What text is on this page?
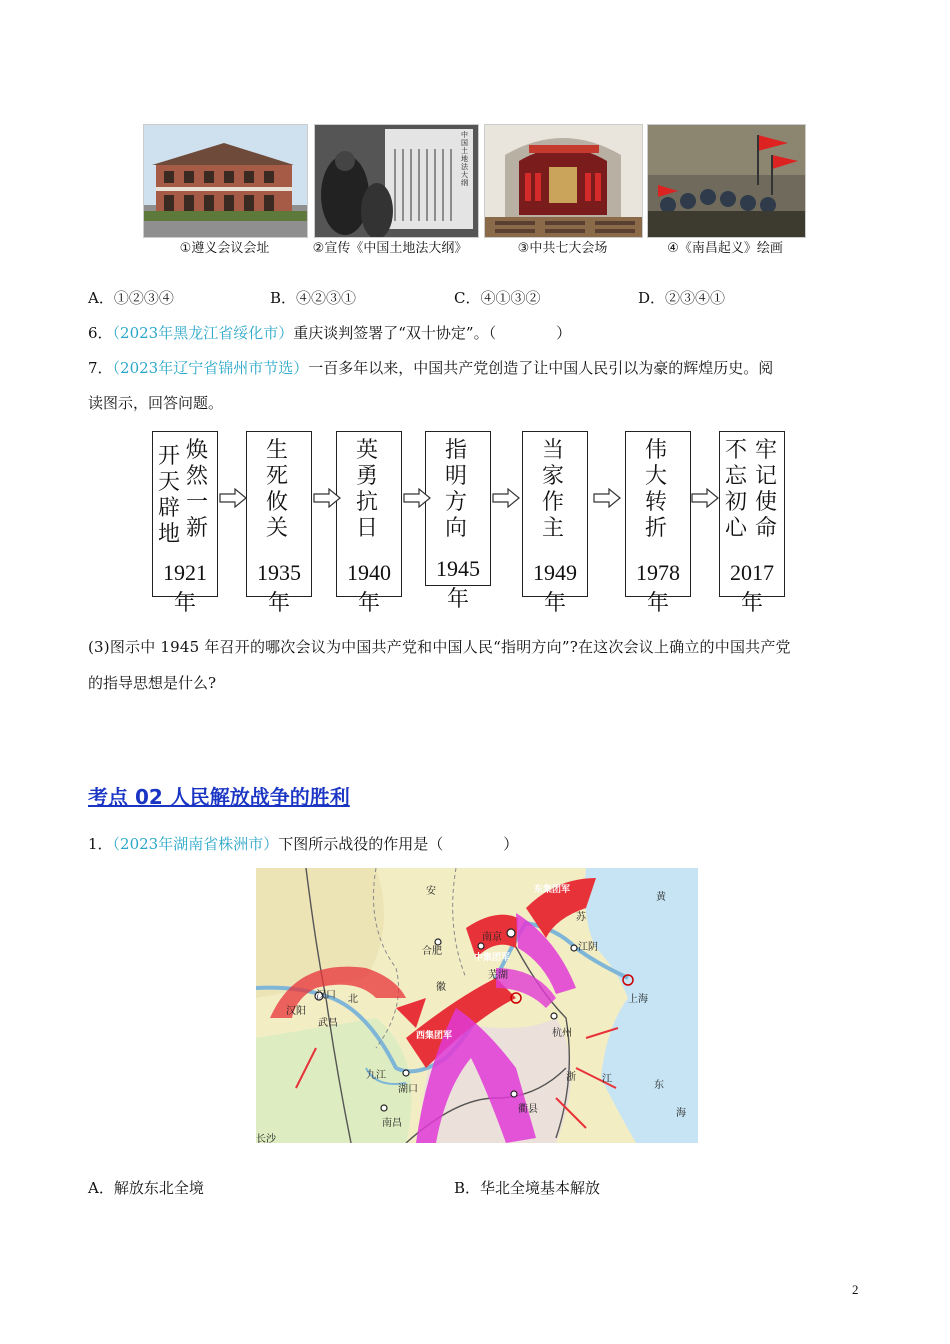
中国土地法大纲
①遵义会议会址	②宣传《中国土地法大纲》	③中共七大会场	④《南昌起义》绘画
A．①②③④	B．④②③①	C．④①③②	D．②③④①
6．（2023年黑龙江省绥化市）重庆谈判签署了“双十协定”。（　　　　）
7．（2023年辽宁省锦州市节选）一百多年以来，中国共产党创造了让中国人民引以为豪的辉煌历史。阅
读图示，回答问题。
开天辟地
焕然一新
1921年
生死攸关
1935年
英勇抗日
1940年
指明方向
1945年
当家作主
1949年
伟大转折
1978年
不忘初心
牢记使命
2017年
(3)图示中 1945 年召开的哪次会议为中国共产党和中国人民“指明方向”?在这次会议上确立的中国共产党
的指导思想是什么?
考点 02 人民解放战争的胜利
1．（2023年湖南省株洲市）下图所示战役的作用是（　　　　）
汉阳
汉口
武昌
北
合肥
安
徽
南京
芜湖
江阴
苏
上海
杭州
九江
湖口
南昌
衢县
长沙
浙	江
东
海
黄
东集团军
中集团军
西集团军
A．解放东北全境	B．华北全境基本解放
2
